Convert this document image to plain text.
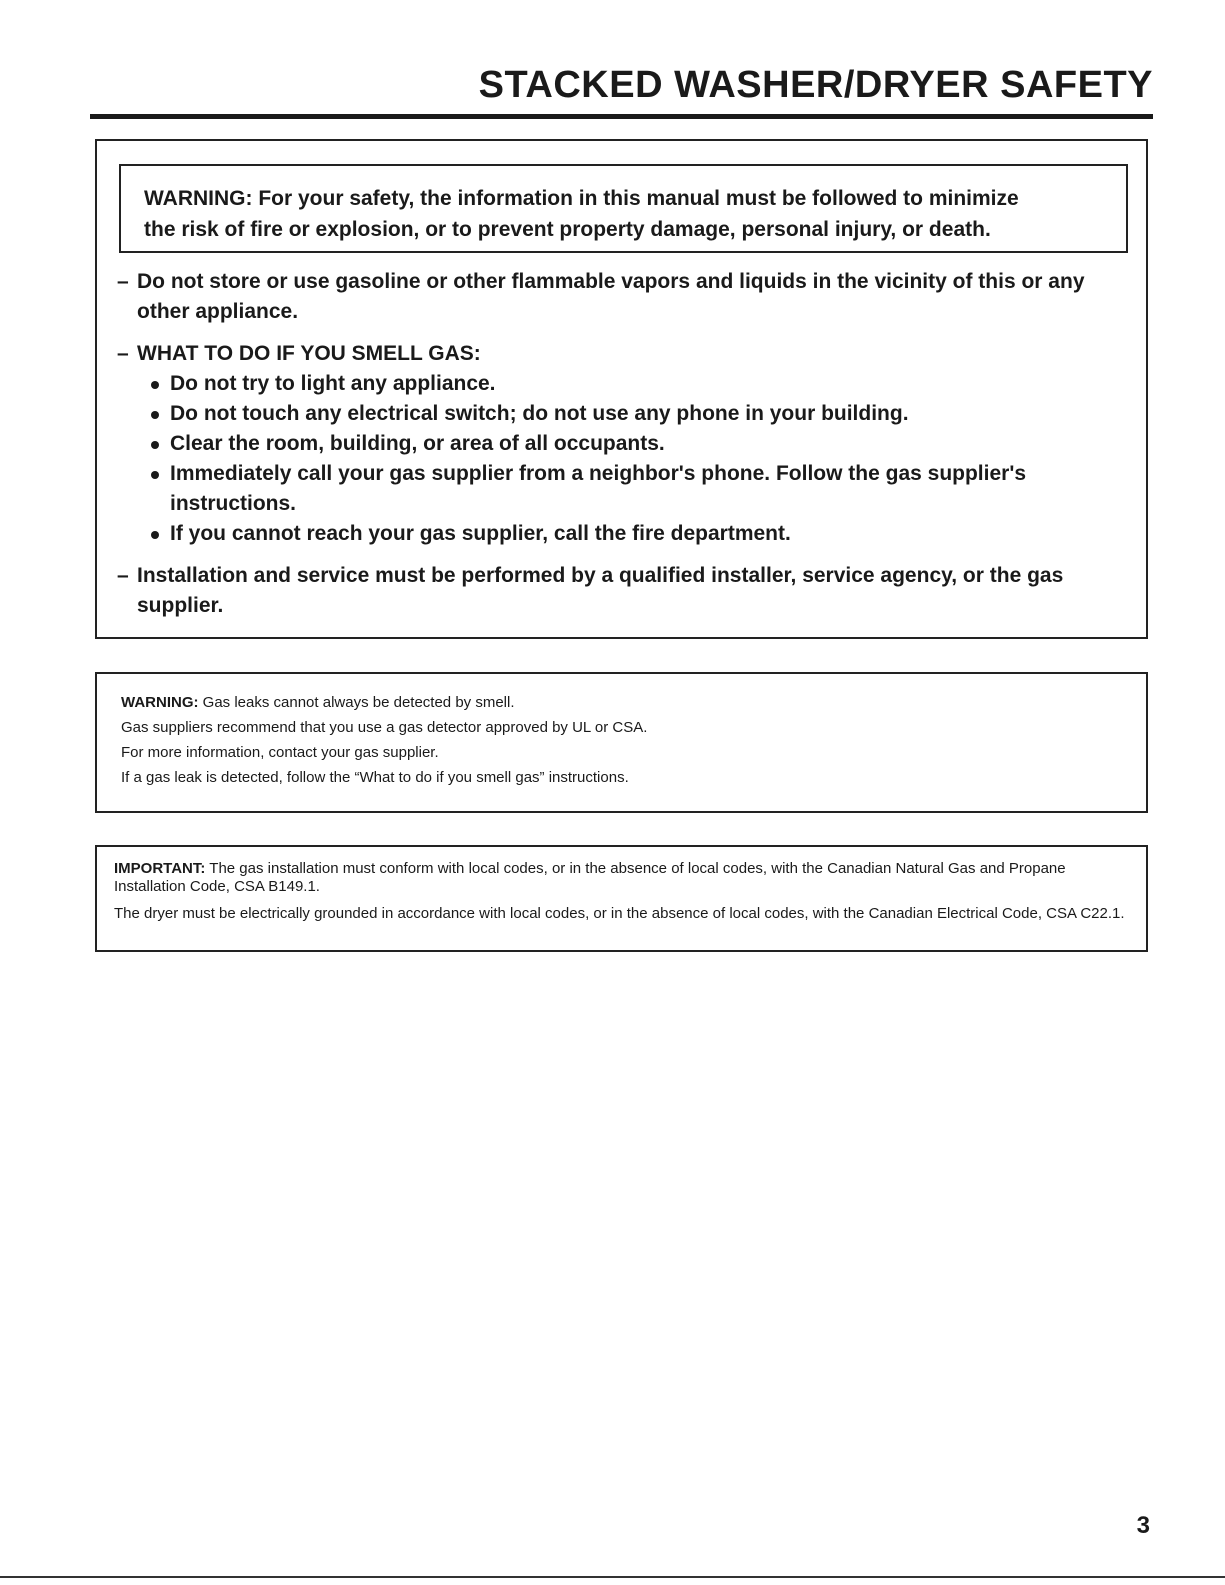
STACKED WASHER/DRYER SAFETY
WARNING: For your safety, the information in this manual must be followed to minimize
the risk of fire or explosion, or to prevent property damage, personal injury, or death.
– Do not store or use gasoline or other flammable vapors and liquids in the vicinity of this or any other appliance.
– WHAT TO DO IF YOU SMELL GAS:
Do not try to light any appliance.
Do not touch any electrical switch; do not use any phone in your building.
Clear the room, building, or area of all occupants.
Immediately call your gas supplier from a neighbor's phone. Follow the gas supplier's instructions.
If you cannot reach your gas supplier, call the fire department.
– Installation and service must be performed by a qualified installer, service agency, or the gas supplier.
WARNING: Gas leaks cannot always be detected by smell.
Gas suppliers recommend that you use a gas detector approved by UL or CSA.
For more information, contact your gas supplier.
If a gas leak is detected, follow the “What to do if you smell gas” instructions.

IMPORTANT: The gas installation must conform with local codes, or in the absence of local codes, with the Canadian Natural Gas and Propane Installation Code, CSA B149.1.

The dryer must be electrically grounded in accordance with local codes, or in the absence of local codes, with the Canadian Electrical Code, CSA C22.1.

3
